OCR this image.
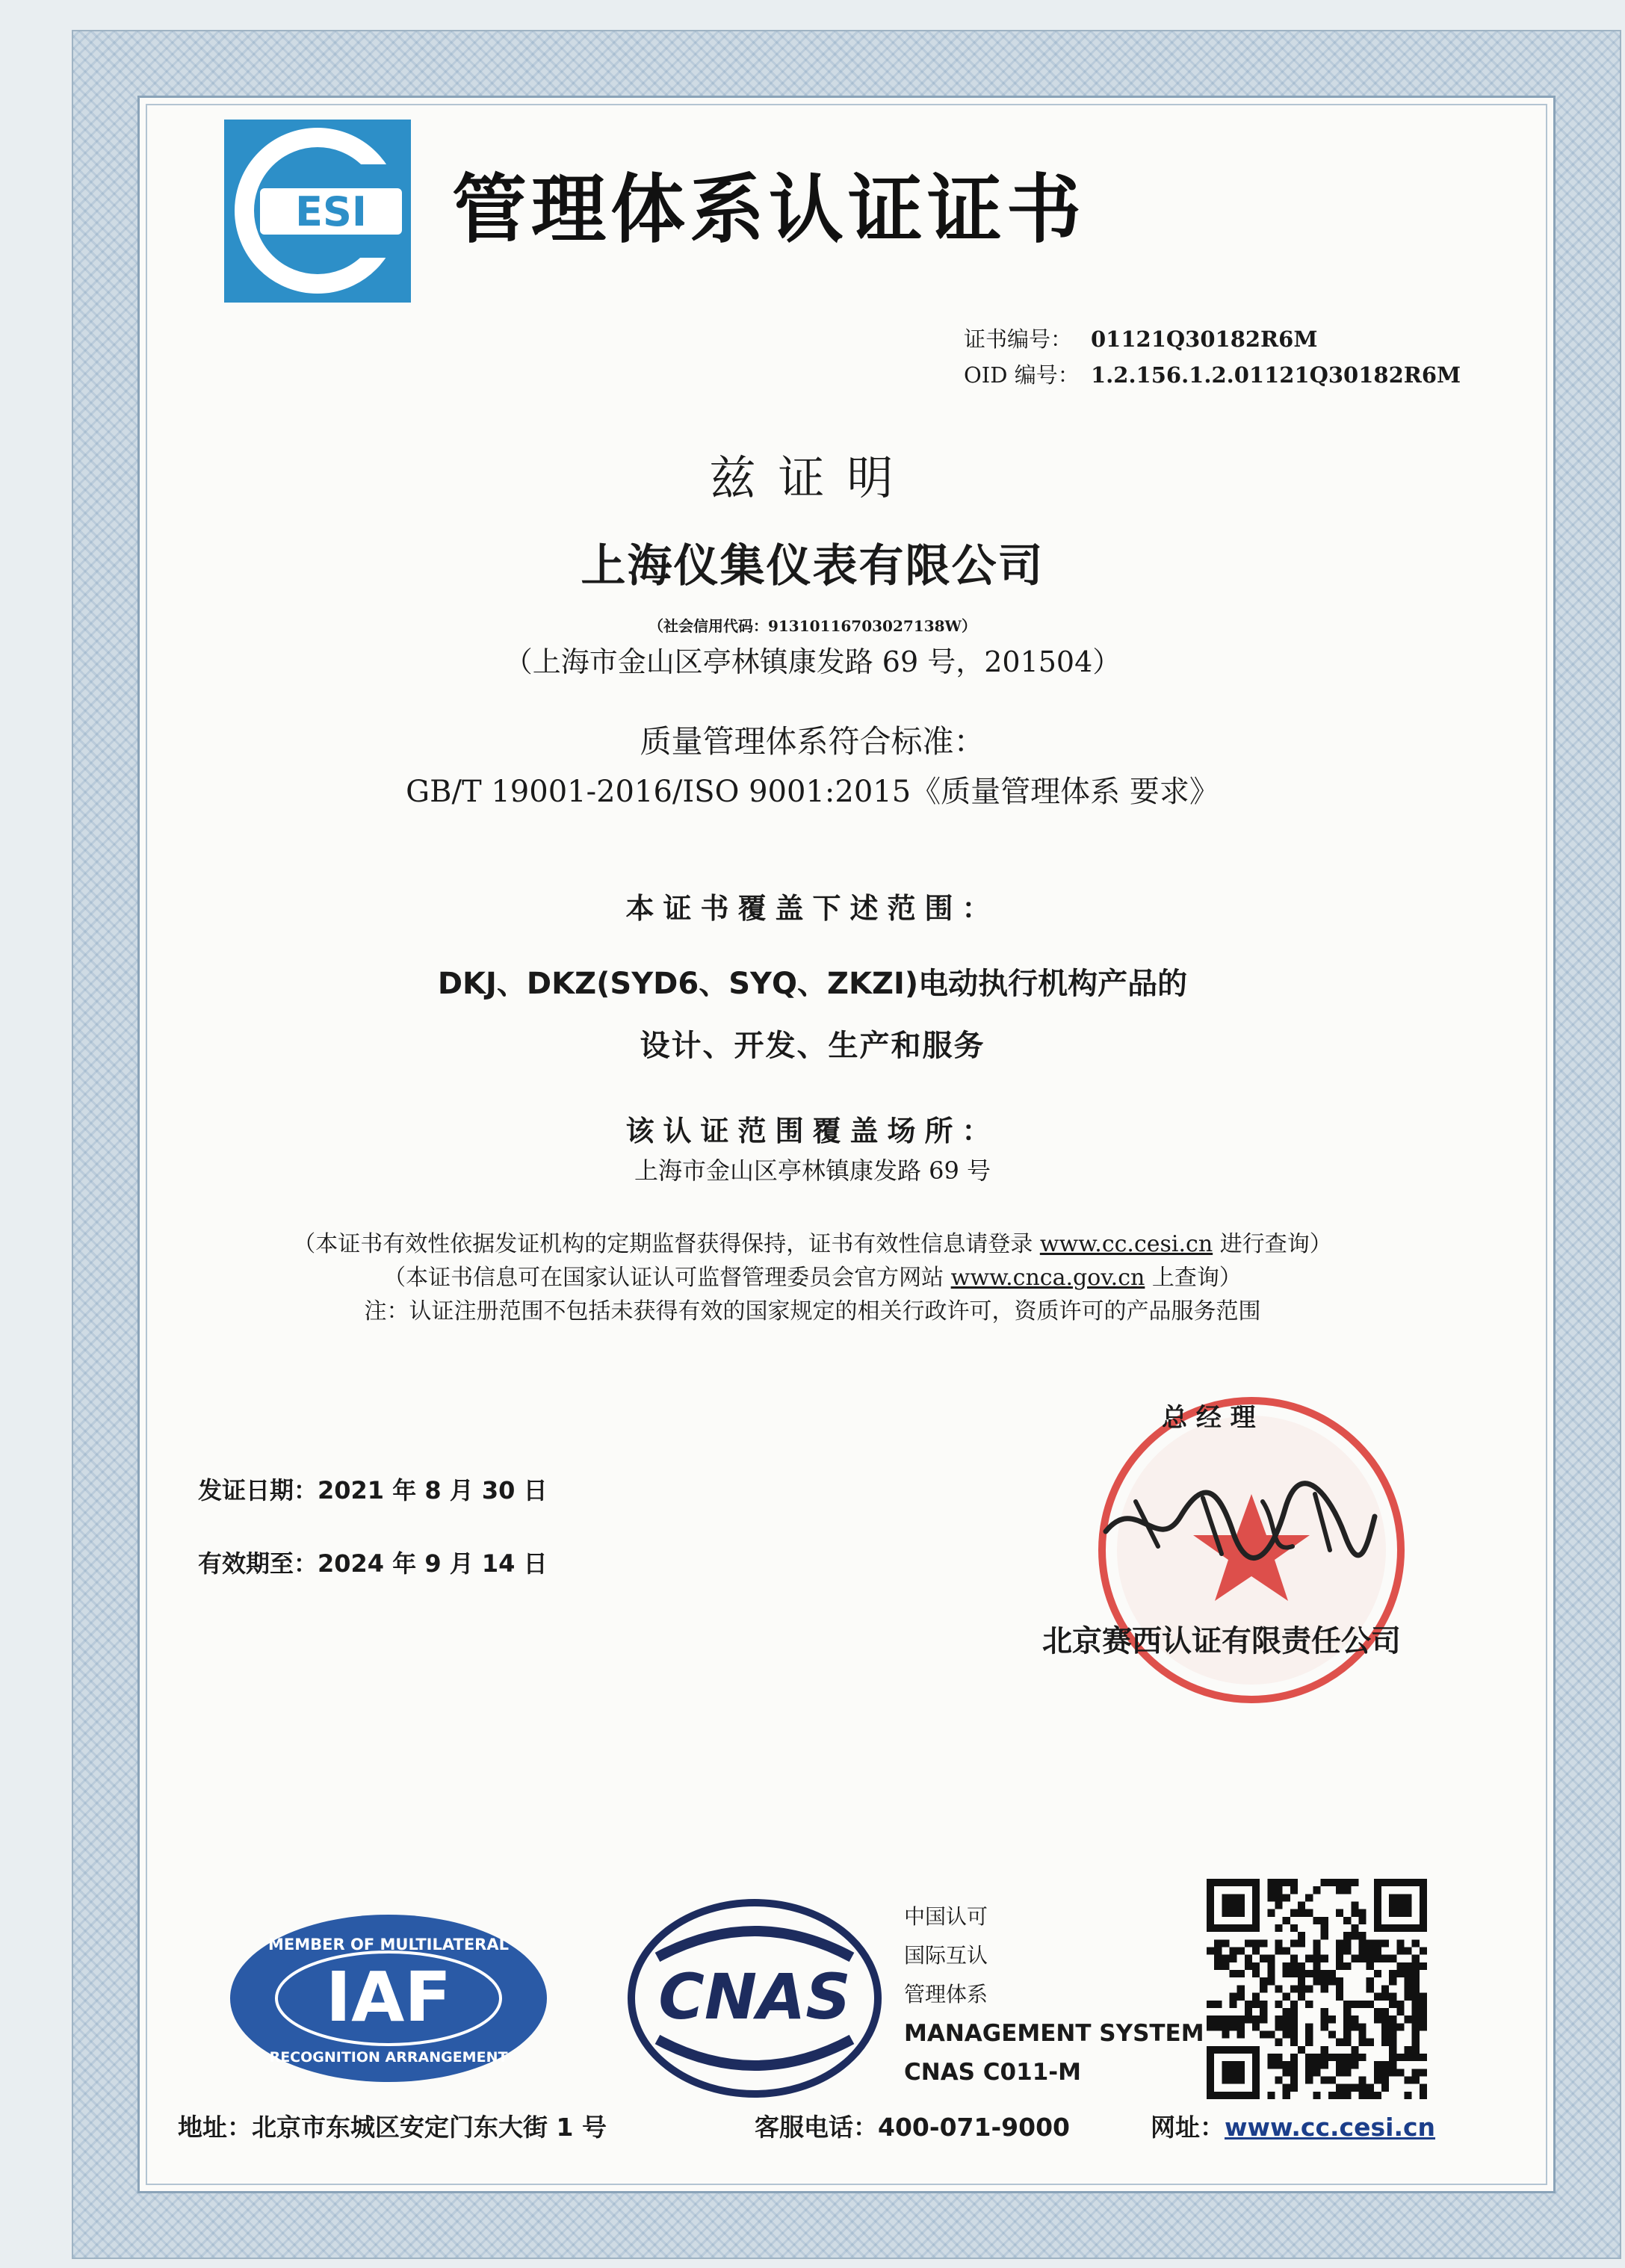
ESI 管理体系认证证书
证书编号： 01121Q30182R6M
OID 编号： 1.2.156.1.2.01121Q30182R6M
兹证明
上海仪集仪表有限公司
（社会信用代码：91310116703027138W）
（上海市金山区亭林镇康发路 69 号，201504）
质量管理体系符合标准：
GB/T 19001-2016/ISO 9001:2015《质量管理体系 要求》
本证书覆盖下述范围：
DKJ、DKZ(SYD6、SYQ、ZKZI)电动执行机构产品的
设计、开发、生产和服务
该认证范围覆盖场所：
上海市金山区亭林镇康发路 69 号
（本证书有效性依据发证机构的定期监督获得保持，证书有效性信息请登录 www.cc.cesi.cn 进行查询）
（本证书信息可在国家认证认可监督管理委员会官方网站 www.cnca.gov.cn 上查询）
注：认证注册范围不包括未获得有效的国家规定的相关行政许可，资质许可的产品服务范围
发证日期：2021 年 8 月 30 日
有效期至：2024 年 9 月 14 日
总 经 理
北京赛西认证有限责任公司
MEMBER OF MULTILATERAL
IAF
RECOGNITION ARRANGEMENT
CNAS
中国认可
国际互认
管理体系
MANAGEMENT SYSTEM
CNAS C011-M
地址：北京市东城区安定门东大街 1 号	客服电话：400-071-9000	网址：www.cc.cesi.cn
